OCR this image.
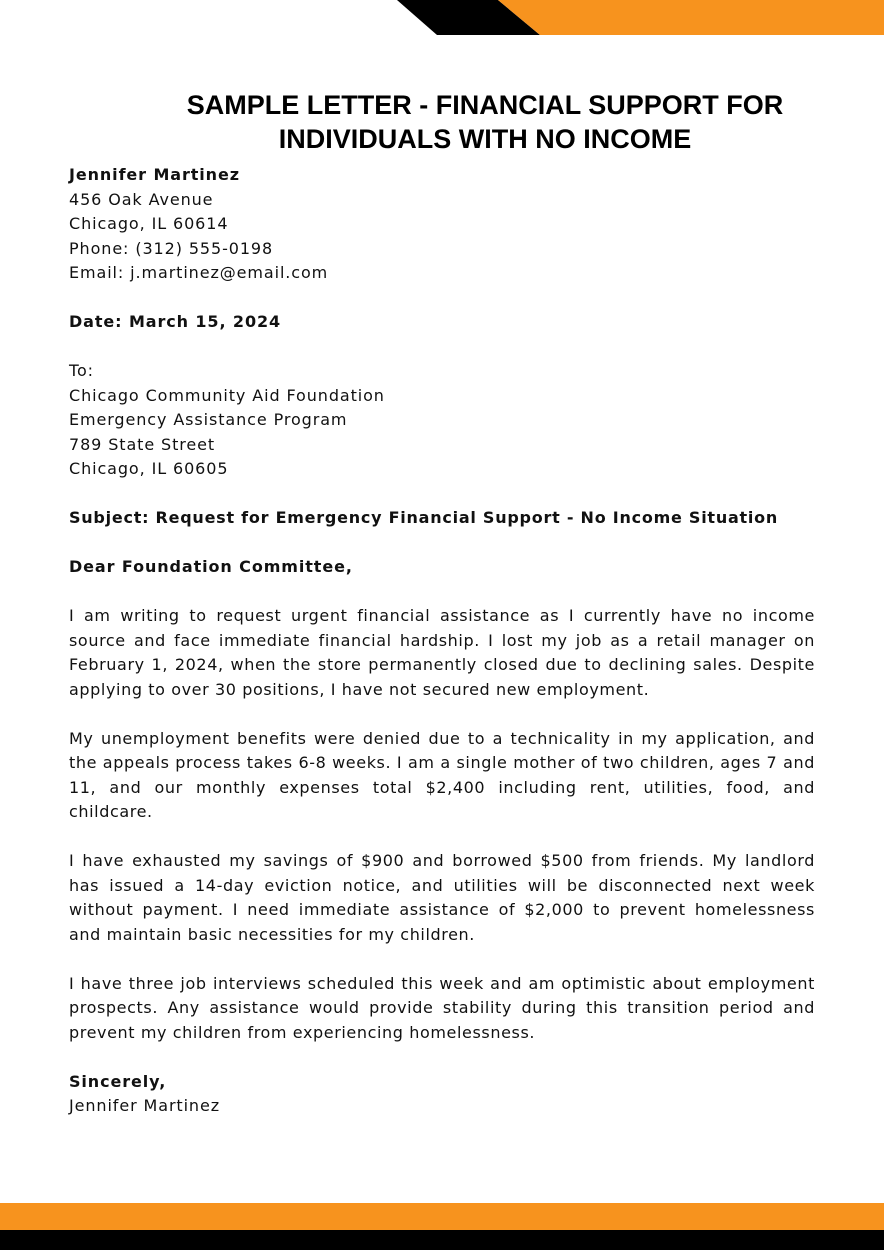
SAMPLE LETTER - FINANCIAL SUPPORT FOR INDIVIDUALS WITH NO INCOME
Jennifer Martinez
456 Oak Avenue
Chicago, IL 60614
Phone: (312) 555-0198
Email: j.martinez@email.com
Date: March 15, 2024
To:
Chicago Community Aid Foundation
Emergency Assistance Program
789 State Street
Chicago, IL 60605
Subject: Request for Emergency Financial Support - No Income Situation
Dear Foundation Committee,

I am writing to request urgent financial assistance as I currently have no income source and face immediate financial hardship. I lost my job as a retail manager on February 1, 2024, when the store permanently closed due to declining sales. Despite applying to over 30 positions, I have not secured new employment.

My unemployment benefits were denied due to a technicality in my application, and the appeals process takes 6-8 weeks. I am a single mother of two children, ages 7 and 11, and our monthly expenses total $2,400 including rent, utilities, food, and childcare.

I have exhausted my savings of $900 and borrowed $500 from friends. My landlord has issued a 14-day eviction notice, and utilities will be disconnected next week without payment. I need immediate assistance of $2,000 to prevent homelessness and maintain basic necessities for my children.

I have three job interviews scheduled this week and am optimistic about employment prospects. Any assistance would provide stability during this transition period and prevent my children from experiencing homelessness.

Sincerely,
Jennifer Martinez
